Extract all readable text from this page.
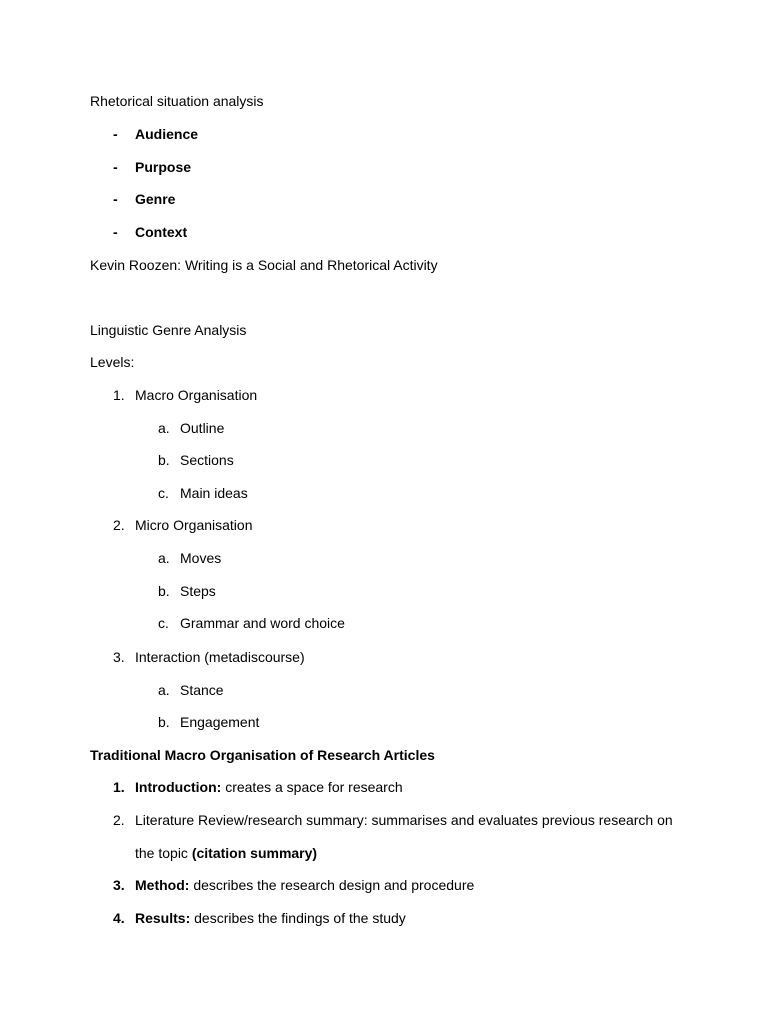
Rhetorical situation analysis
- Audience
- Purpose
- Genre
- Context
Kevin Roozen: Writing is a Social and Rhetorical Activity
Linguistic Genre Analysis
Levels:
1. Macro Organisation
a. Outline
b. Sections
c. Main ideas
2. Micro Organisation
a. Moves
b. Steps
c. Grammar and word choice
3. Interaction (metadiscourse)
a. Stance
b. Engagement
Traditional Macro Organisation of Research Articles
1. Introduction: creates a space for research
2. Literature Review/research summary: summarises and evaluates previous research on
the topic (citation summary)
3. Method: describes the research design and procedure
4. Results: describes the findings of the study
